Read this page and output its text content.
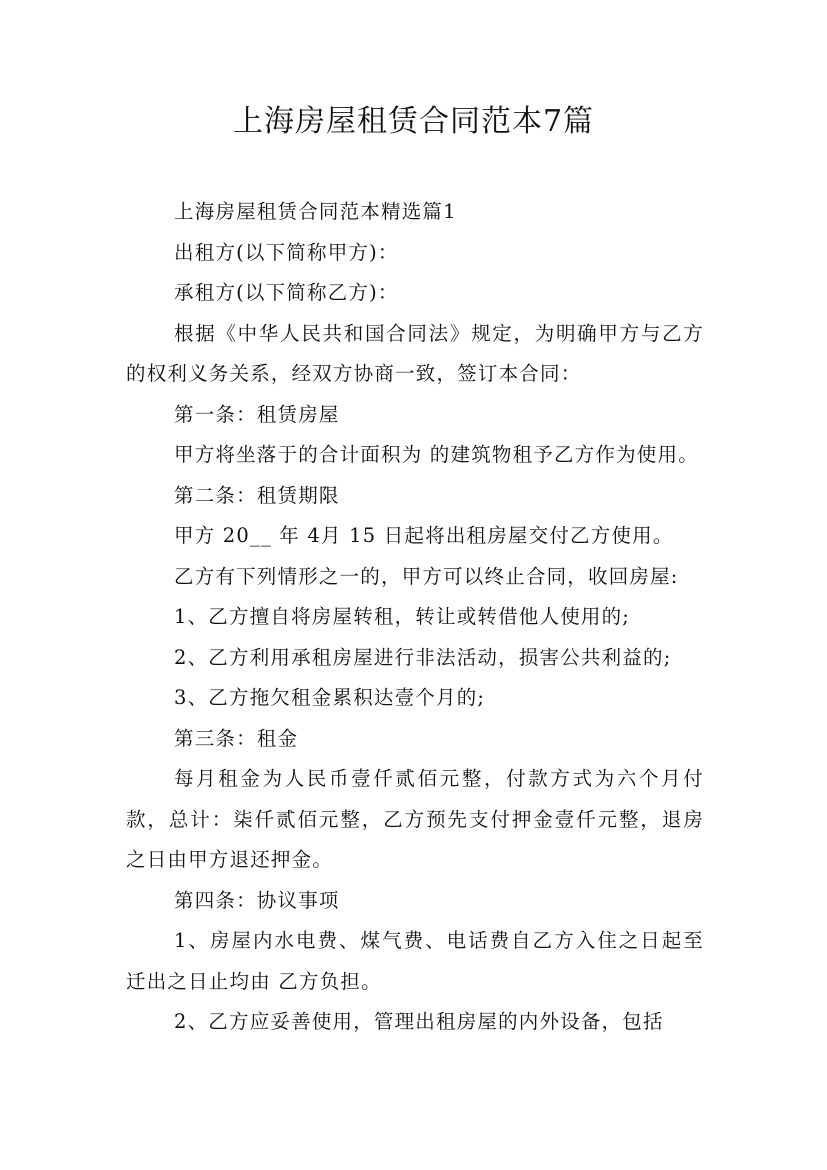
上海房屋租赁合同范本7篇

上海房屋租赁合同范本精选篇1

出租方(以下简称甲方)：

承租方(以下简称乙方)：

根据《中华人民共和国合同法》规定，为明确甲方与乙方的权利义务关系，经双方协商一致，签订本合同：

第一条：租赁房屋

甲方将坐落于的合计面积为 的建筑物租予乙方作为使用。

第二条：租赁期限

甲方 20__ 年 4月 15 日起将出租房屋交付乙方使用。

乙方有下列情形之一的，甲方可以终止合同，收回房屋:

1、乙方擅自将房屋转租，转让或转借他人使用的;

2、乙方利用承租房屋进行非法活动，损害公共利益的;

3、乙方拖欠租金累积达壹个月的;

第三条：租金

每月租金为人民币壹仟贰佰元整，付款方式为六个月付款，总计：柒仟贰佰元整，乙方预先支付押金壹仟元整，退房之日由甲方退还押金。

第四条：协议事项

1、房屋内水电费、煤气费、电话费自乙方入住之日起至迁出之日止均由 乙方负担。

2、乙方应妥善使用，管理出租房屋的内外设备，包括
